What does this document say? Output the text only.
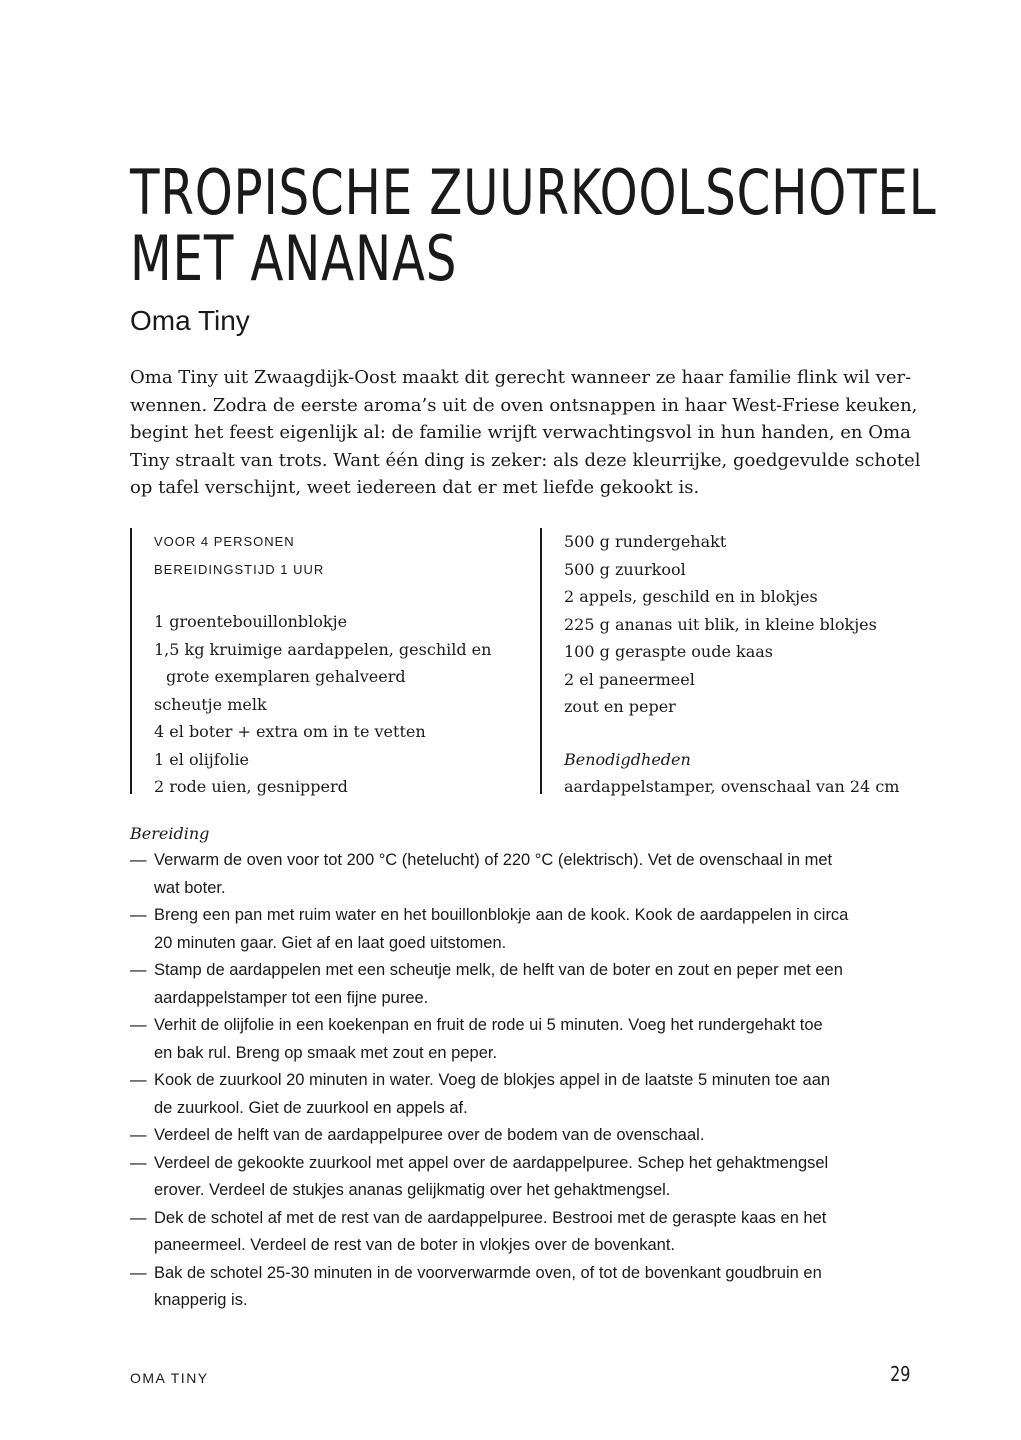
TROPISCHE ZUURKOOLSCHOTEL
MET ANANAS
Oma Tiny

Oma Tiny uit Zwaagdijk-Oost maakt dit gerecht wanneer ze haar familie flink wil ver-
wennen. Zodra de eerste aroma’s uit de oven ontsnappen in haar West-Friese keuken,
begint het feest eigenlijk al: de familie wrijft verwachtingsvol in hun handen, en Oma
Tiny straalt van trots. Want één ding is zeker: als deze kleurrijke, goedgevulde schotel
op tafel verschijnt, weet iedereen dat er met liefde gekookt is.

VOOR 4 PERSONEN
BEREIDINGSTIJD 1 UUR
1 groentebouillonblokje
1,5 kg kruimige aardappelen, geschild en
grote exemplaren gehalveerd
scheutje melk
4 el boter + extra om in te vetten
1 el olijfolie
2 rode uien, gesnipperd
500 g rundergehakt
500 g zuurkool
2 appels, geschild en in blokjes
225 g ananas uit blik, in kleine blokjes
100 g geraspte oude kaas
2 el paneermeel
zout en peper
Benodigdheden
aardappelstamper, ovenschaal van 24 cm

Bereiding

— Verwarm de oven voor tot 200 °C (hetelucht) of 220 °C (elektrisch). Vet de ovenschaal in met
wat boter.
— Breng een pan met ruim water en het bouillonblokje aan de kook. Kook de aardappelen in circa
20 minuten gaar. Giet af en laat goed uitstomen.
— Stamp de aardappelen met een scheutje melk, de helft van de boter en zout en peper met een
aardappelstamper tot een fijne puree.
— Verhit de olijfolie in een koekenpan en fruit de rode ui 5 minuten. Voeg het rundergehakt toe
en bak rul. Breng op smaak met zout en peper.
— Kook de zuurkool 20 minuten in water. Voeg de blokjes appel in de laatste 5 minuten toe aan
de zuurkool. Giet de zuurkool en appels af.
— Verdeel de helft van de aardappelpuree over de bodem van de ovenschaal.
— Verdeel de gekookte zuurkool met appel over de aardappelpuree. Schep het gehaktmengsel
erover. Verdeel de stukjes ananas gelijkmatig over het gehaktmengsel.
— Dek de schotel af met de rest van de aardappelpuree. Bestrooi met de geraspte kaas en het
paneermeel. Verdeel de rest van de boter in vlokjes over de bovenkant.
— Bak de schotel 25-30 minuten in de voorverwarmde oven, of tot de bovenkant goudbruin en
knapperig is.
OMA TINY	29
